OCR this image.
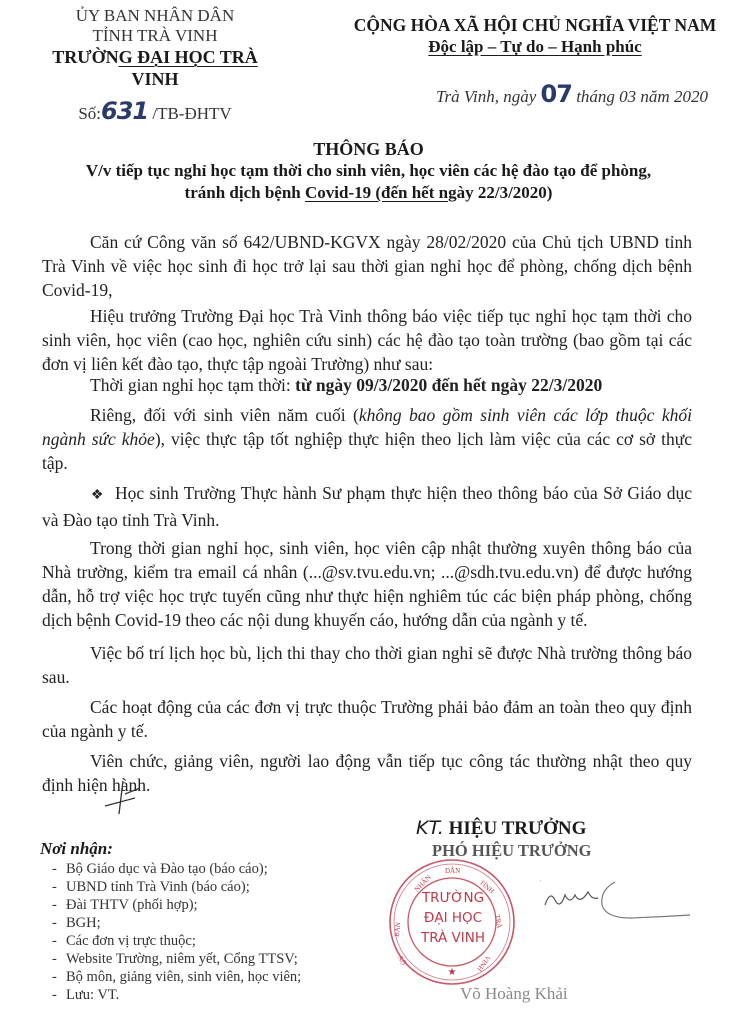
ỦY BAN NHÂN DÂN
TỈNH TRÀ VINH
TRƯỜNG ĐẠI HỌC TRÀ VINH
Số:631 /TB-ĐHTV
CỘNG HÒA XÃ HỘI CHỦ NGHĨA VIỆT NAM
Độc lập – Tự do – Hạnh phúc
Trà Vinh, ngày 07 tháng 03 năm 2020
THÔNG BÁO
V/v tiếp tục nghỉ học tạm thời cho sinh viên, học viên các hệ đào tạo để phòng,
tránh dịch bệnh Covid-19 (đến hết ngày 22/3/2020)
Căn cứ Công văn số 642/UBND-KGVX ngày 28/02/2020 của Chủ tịch UBND tỉnh Trà Vinh về việc học sinh đi học trở lại sau thời gian nghỉ học để phòng, chống dịch bệnh Covid-19,
Hiệu trưởng Trường Đại học Trà Vinh thông báo việc tiếp tục nghỉ học tạm thời cho sinh viên, học viên (cao học, nghiên cứu sinh) các hệ đào tạo toàn trường (bao gồm tại các đơn vị liên kết đào tạo, thực tập ngoài Trường) như sau:
Thời gian nghỉ học tạm thời: từ ngày 09/3/2020 đến hết ngày 22/3/2020
Riêng, đối với sinh viên năm cuối (không bao gồm sinh viên các lớp thuộc khối ngành sức khỏe), việc thực tập tốt nghiệp thực hiện theo lịch làm việc của các cơ sở thực tập.
❖ Học sinh Trường Thực hành Sư phạm thực hiện theo thông báo của Sở Giáo dục và Đào tạo tỉnh Trà Vinh.
Trong thời gian nghỉ học, sinh viên, học viên cập nhật thường xuyên thông báo của Nhà trường, kiểm tra email cá nhân (...@sv.tvu.edu.vn; ...@sdh.tvu.edu.vn) để được hướng dẫn, hỗ trợ việc học trực tuyến cũng như thực hiện nghiêm túc các biện pháp phòng, chống dịch bệnh Covid-19 theo các nội dung khuyến cáo, hướng dẫn của ngành y tế.
Việc bố trí lịch học bù, lịch thi thay cho thời gian nghỉ sẽ được Nhà trường thông báo sau.
Các hoạt động của các đơn vị trực thuộc Trường phải bảo đảm an toàn theo quy định của ngành y tế.
Viên chức, giảng viên, người lao động vẫn tiếp tục công tác thường nhật theo quy định hiện hành.
Nơi nhận:
- Bộ Giáo dục và Đào tạo (báo cáo);
- UBND tỉnh Trà Vinh (báo cáo);
- Đài THTV (phối hợp);
- BGH;
- Các đơn vị trực thuộc;
- Website Trường, niêm yết, Cổng TTSV;
- Bộ môn, giảng viên, sinh viên, học viên;
- Lưu: VT.
KT. HIỆU TRƯỞNG
PHÓ HIỆU TRƯỞNG
★
NHÂN
DÂN
TỈNH
TRÀ
VINH
BAN
ỦY
TRƯỜNG
ĐẠI HỌC
TRÀ VINH
Võ Hoàng Khải
